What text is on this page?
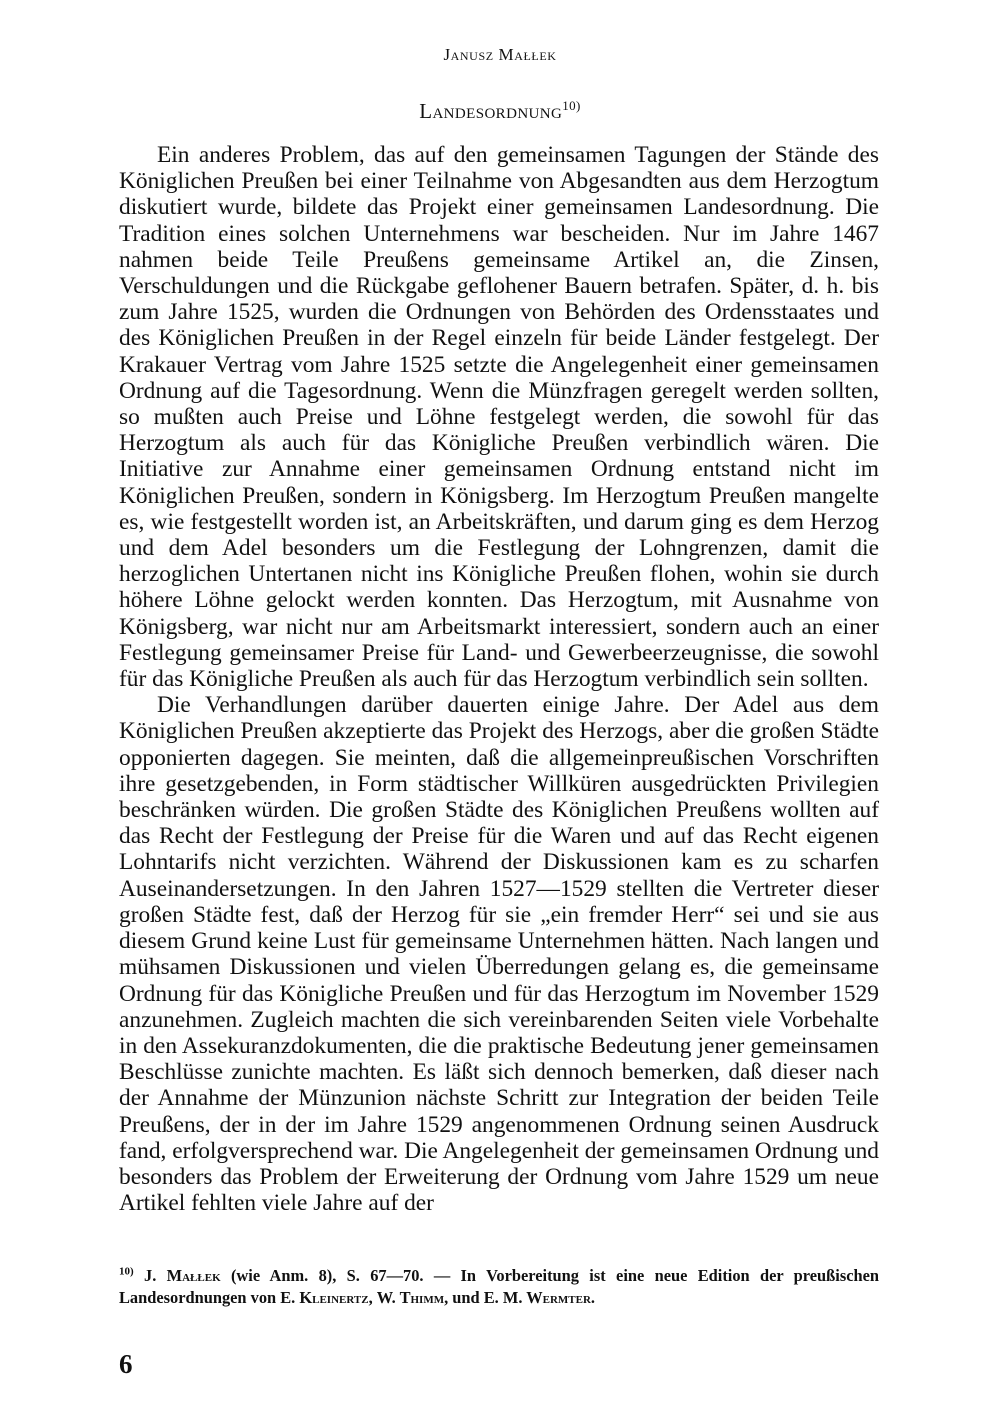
Janusz Małłek
Landesordnung$^{10)}$

Ein anderes Problem, das auf den gemeinsamen Tagungen der Stände des Königlichen Preußen bei einer Teilnahme von Abgesandten aus dem Herzogtum diskutiert wurde, bildete das Projekt einer gemeinsamen Landesordnung. Die Tradition eines solchen Unternehmens war bescheiden. Nur im Jahre 1467 nahmen beide Teile Preußens gemeinsame Artikel an, die Zinsen, Verschuldungen und die Rückgabe geflohener Bauern betrafen. Später, d. h. bis zum Jahre 1525, wurden die Ordnungen von Behörden des Ordensstaates und des Königlichen Preußen in der Regel einzeln für beide Länder festgelegt. Der Krakauer Vertrag vom Jahre 1525 setzte die Angelegenheit einer gemeinsamen Ordnung auf die Tagesordnung. Wenn die Münzfragen geregelt werden sollten, so mußten auch Preise und Löhne festgelegt werden, die sowohl für das Herzogtum als auch für das Königliche Preußen verbindlich wären. Die Initiative zur Annahme einer gemeinsamen Ordnung entstand nicht im Königlichen Preußen, sondern in Königsberg. Im Herzogtum Preußen mangelte es, wie festgestellt worden ist, an Arbeitskräften, und darum ging es dem Herzog und dem Adel besonders um die Festlegung der Lohngrenzen, damit die herzoglichen Untertanen nicht ins Königliche Preußen flohen, wohin sie durch höhere Löhne gelockt werden konnten. Das Herzogtum, mit Ausnahme von Königsberg, war nicht nur am Arbeitsmarkt interessiert, sondern auch an einer Festlegung gemeinsamer Preise für Land- und Gewerbeerzeugnisse, die sowohl für das Königliche Preußen als auch für das Herzogtum verbindlich sein sollten.

Die Verhandlungen darüber dauerten einige Jahre. Der Adel aus dem Königlichen Preußen akzeptierte das Projekt des Herzogs, aber die großen Städte opponierten dagegen. Sie meinten, daß die allgemeinpreußischen Vorschriften ihre gesetzgebenden, in Form städtischer Willküren ausgedrückten Privilegien beschränken würden. Die großen Städte des Königlichen Preußens wollten auf das Recht der Festlegung der Preise für die Waren und auf das Recht eigenen Lohntarifs nicht verzichten. Während der Diskussionen kam es zu scharfen Auseinandersetzungen. In den Jahren 1527—1529 stellten die Vertreter dieser großen Städte fest, daß der Herzog für sie „ein fremder Herr“ sei und sie aus diesem Grund keine Lust für gemeinsame Unternehmen hätten. Nach langen und mühsamen Diskussionen und vielen Überredungen gelang es, die gemeinsame Ordnung für das Königliche Preußen und für das Herzogtum im November 1529 anzunehmen. Zugleich machten die sich vereinbarenden Seiten viele Vorbehalte in den Assekuranzdokumenten, die die praktische Bedeutung jener gemeinsamen Beschlüsse zunichte machten. Es läßt sich dennoch bemerken, daß dieser nach der Annahme der Münzunion nächste Schritt zur Integration der beiden Teile Preußens, der in der im Jahre 1529 angenommenen Ordnung seinen Ausdruck fand, erfolgversprechend war. Die Angelegenheit der gemeinsamen Ordnung und besonders das Problem der Erweiterung der Ordnung vom Jahre 1529 um neue Artikel fehlten viele Jahre auf der

$^{10)}$ J. Małłek (wie Anm. 8), S. 67—70. — In Vorbereitung ist eine neue Edition der preußischen Landesordnungen von E. Kleinertz, W. Thimm, und E. M. Wermter.
6
